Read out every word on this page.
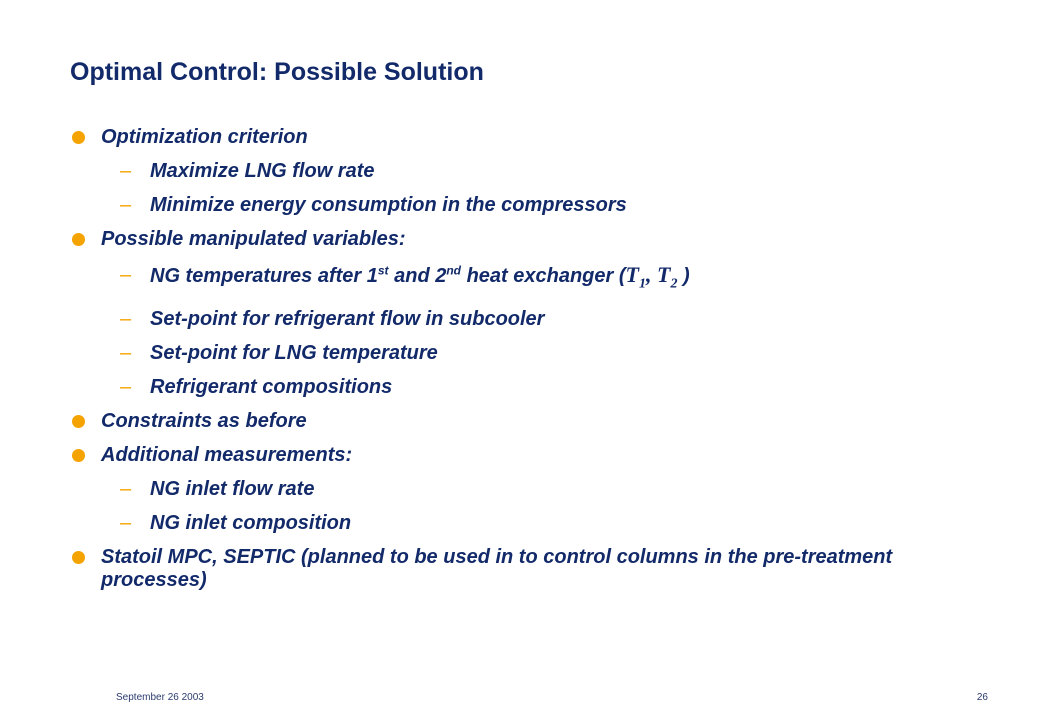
Optimal Control: Possible Solution
Optimization criterion
– Maximize LNG flow rate
– Minimize energy consumption in the compressors
Possible manipulated variables:
– NG temperatures after 1st and 2nd heat exchanger ($T_1$, $T_2$ )
– Set-point for refrigerant flow in subcooler
– Set-point for LNG temperature
– Refrigerant compositions
Constraints as before
Additional measurements:
– NG inlet flow rate
– NG inlet composition
Statoil MPC, SEPTIC (planned to be used in to control columns in the pre-treatment processes)
September 26 2003	26
